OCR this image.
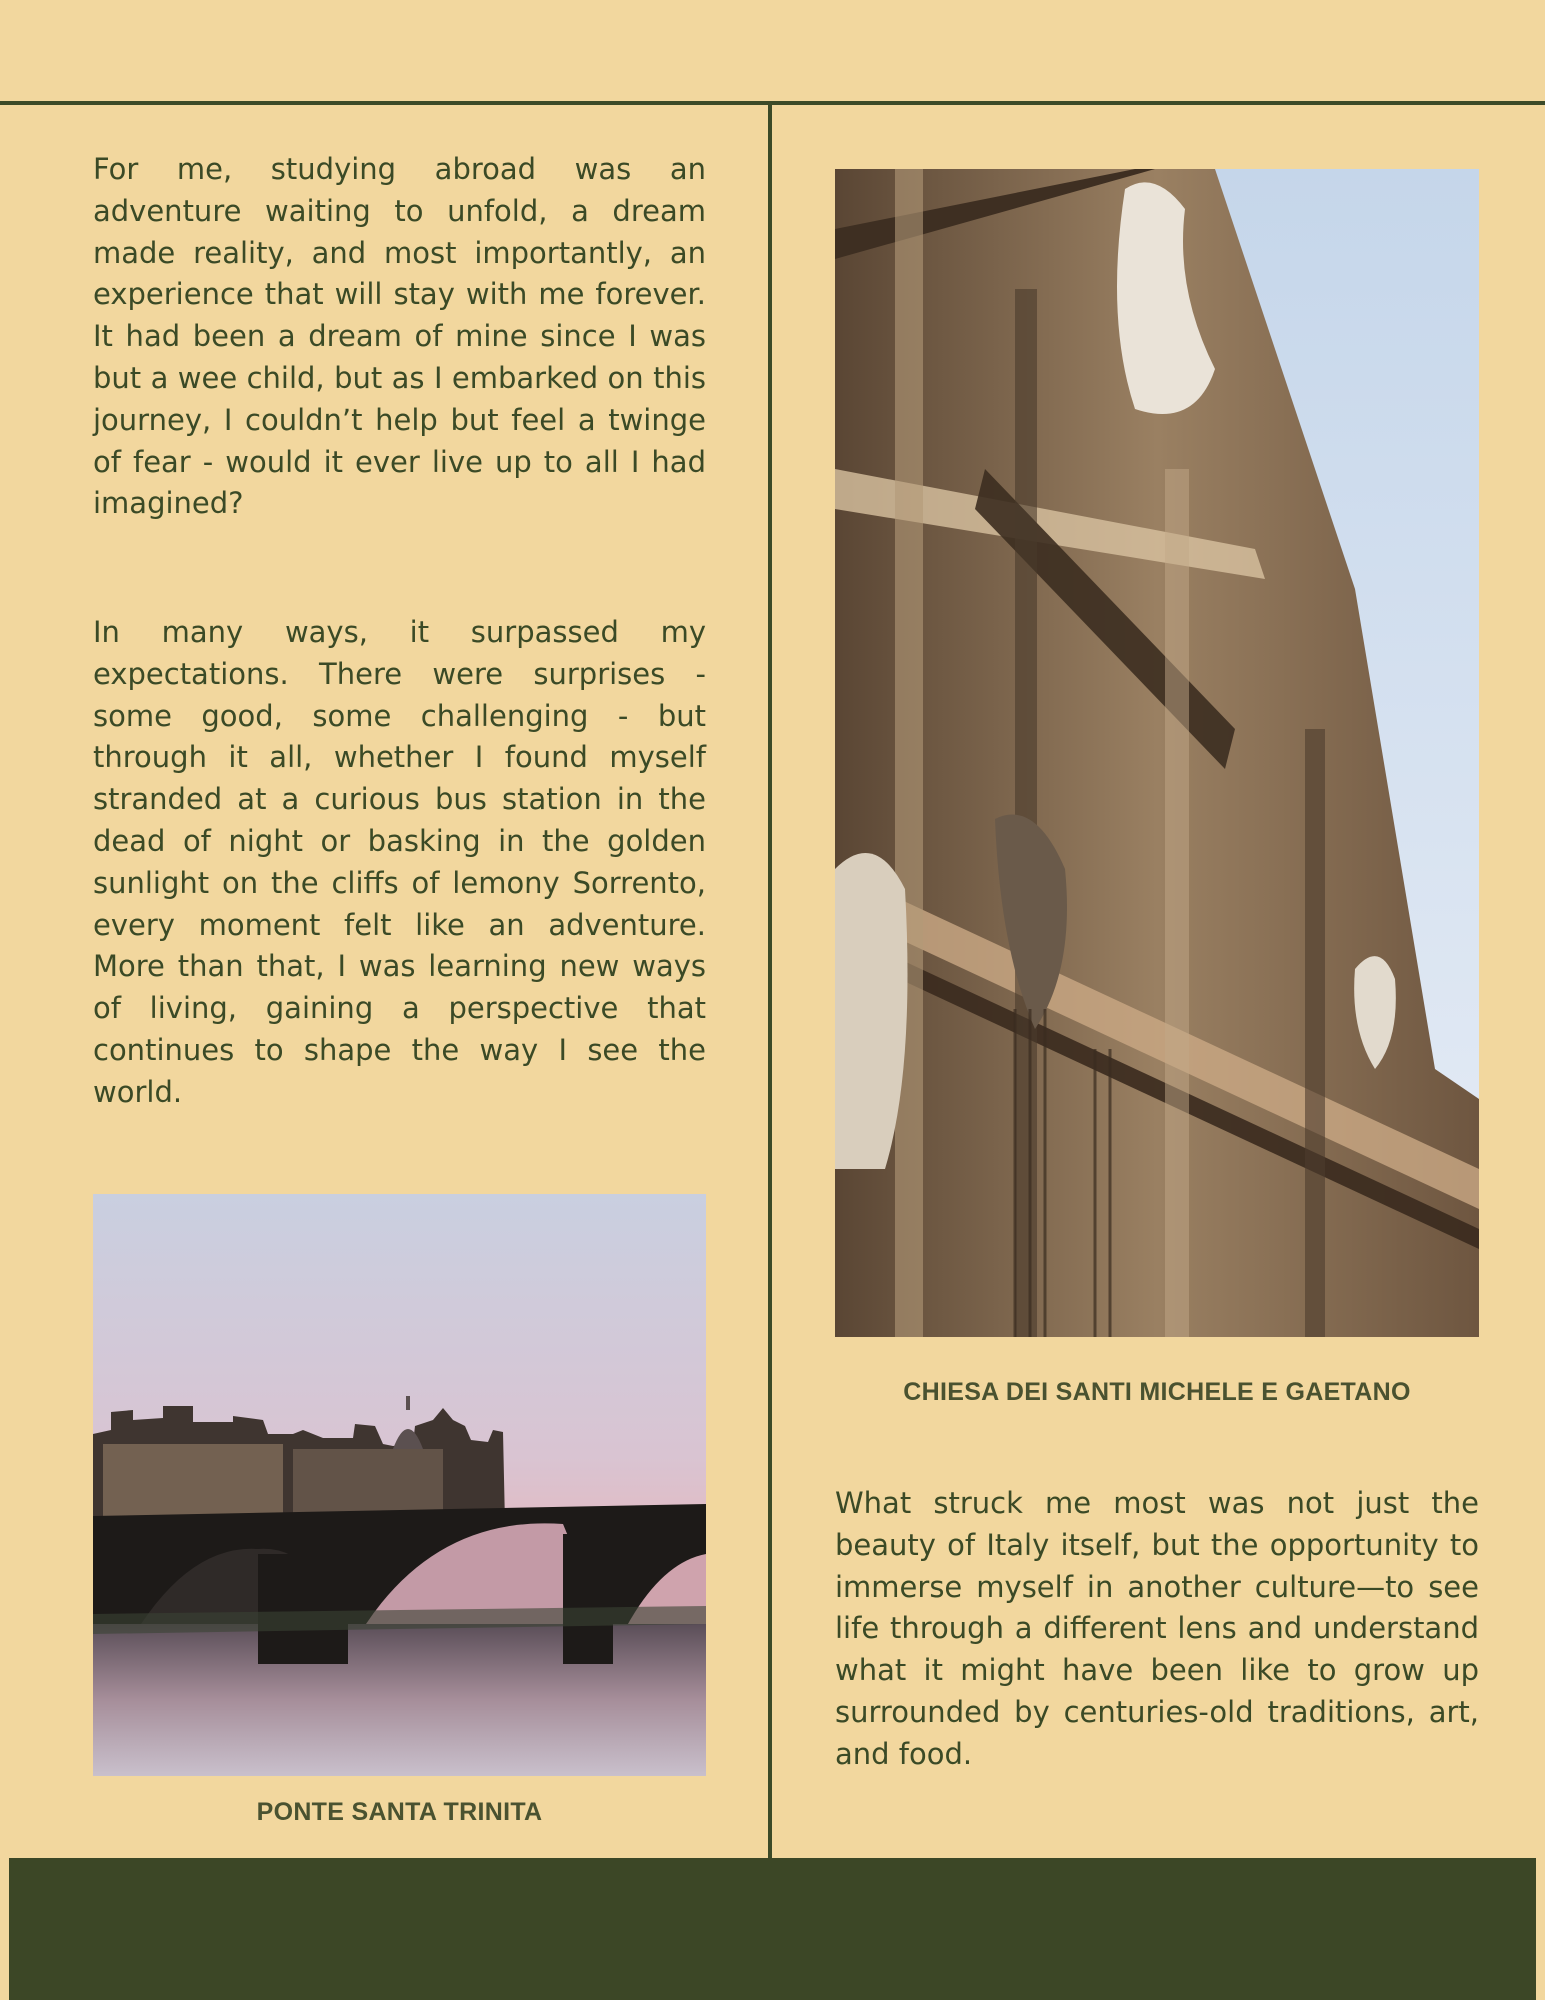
For me, studying abroad was an adventure waiting to unfold, a dream made reality, and most importantly, an experience that will stay with me forever. It had been a dream of mine since I was but a wee child, but as I embarked on this journey, I couldn’t help but feel a twinge of fear - would it ever live up to all I had imagined?

In many ways, it surpassed my expectations. There were surprises - some good, some challenging - but through it all, whether I found myself stranded at a curious bus station in the dead of night or basking in the golden sunlight on the cliffs of lemony Sorrento, every moment felt like an adventure. More than that, I was learning new ways of living, gaining a perspective that continues to shape the way I see the world.

PONTE SANTA TRINITA

CHIESA DEI SANTI MICHELE E GAETANO

What struck me most was not just the beauty of Italy itself, but the opportunity to immerse myself in another culture—to see life through a different lens and understand what it might have been like to grow up surrounded by centuries-old traditions, art, and food.
